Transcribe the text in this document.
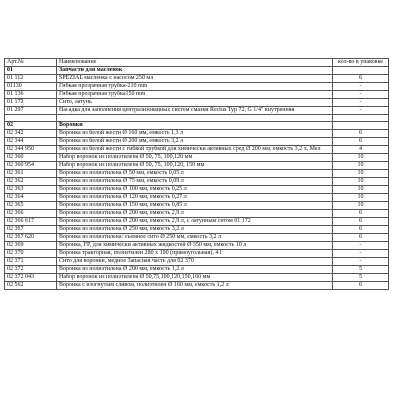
Арт.№	Наименование	кол-во в упаковке
01	Запчасти для масленок	
01 112	SPEZIAL масленка с насосом 250 мл	6
01130	Гибкая прозрачная трубка-210 mm	-
01 136	Гибкая прозрачная трубка150 mm	-
01 172	Сито, латунь	-
01 297	Насадка для заполнения централизованных систем смазки Rectus Typ 72, G 1/4" внутренняя	-

02	Воронки	
02 342	Воронка из белой жести Ø 160 мм, емкость 1,3 л	6
02 344	Воронка из белой жести Ø 200 мм, емкость 3,2 л	6
02 344 950	Воронка из белой жести с гибкой трубкой для химически активных сред Ø 200 мм, емкость 3,2 л, Мел	4
02 360	Набор воронок из полиэтилена Ø 50, 75, 100,120 мм	10
02 360 954	Набор воронок из полиэтилена Ø 50, 75, 100,120, 150 мм	10
02 361	Воронка из полиэтилена Ø 50 мм, емкость 0,05 л	10
02 362	Воронка из полиэтилена Ø 75 мм, емкость 0,09 л	10
02 363	Воронка из полиэтилена Ø 100 мм, емкость 0,25 л	10
02 364	Воронка из полиэтилена Ø 120 мм, емкость 0,27 л	10
02 365	Воронка из полиэтилена Ø 150 мм, емкость 0,85 л	10
02 366	Воронка из полиэтилена Ø 200 мм, емкость 2,9 л	6
02 366 617	Воронка из полиэтилена Ø 200 мм, емкость 2,9 л, с латунным ситом 01 172	6
02 367	Воронка из полиэтилена Ø 250 мм, емкость 3,2 л	6
02 367 620	Воронка из полиэтилена: съемное сито Ø 250 мм, емкость 3,2 л	6
02 369	Воронка, FP, для химически активных жидкостей Ø 350 мм, емкость 10 л	-
02 370	Воронка тракторная, полиэтилен 280 x 190 (прямоугольная), 4 l	-
02 371	Сито для воронки, медное Запасная часть для 02 370	-
02 372	Воронка из полиэтилена Ø 200 мм, емкость 1,2 л	5
02 372 043	Набор воронок из полиэтилена Ø 50,75,100,120,150,160 мм	5
02 562	Воронка с изогнутым сливом, полиэтилен Ø 160 мм, емкость 1,2 л	6
